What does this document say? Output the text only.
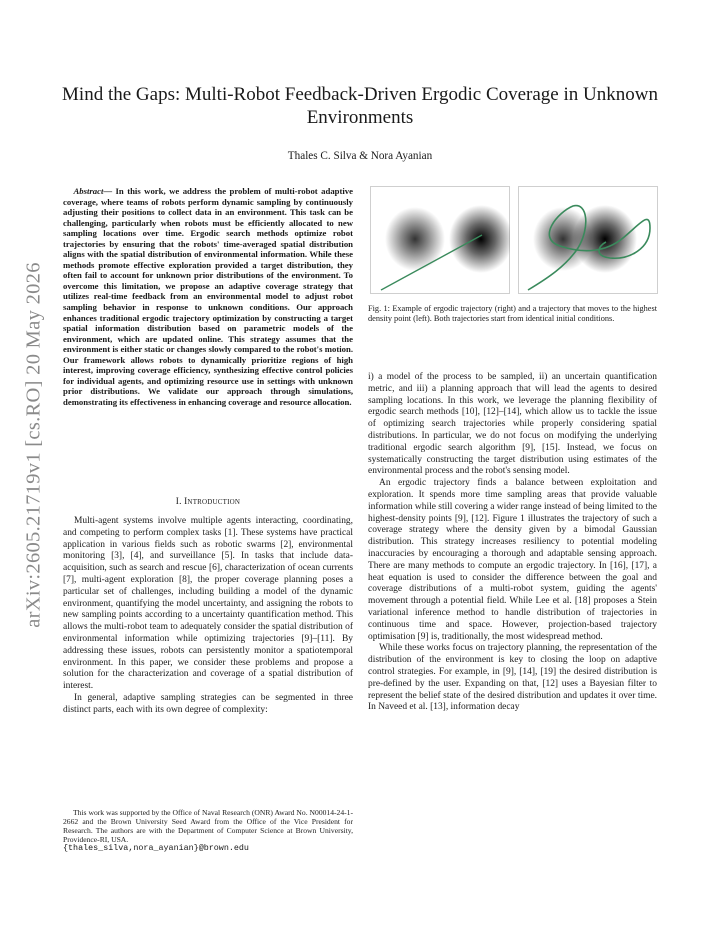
arXiv:2605.21719v1 [cs.RO] 20 May 2026
Mind the Gaps: Multi-Robot Feedback-Driven Ergodic Coverage in Unknown Environments
Thales C. Silva & Nora Ayanian

  Abstract— In this work, we address the problem of multi-robot adaptive coverage, where teams of robots perform dynamic sampling by continuously adjusting their positions to collect data in an environment. This task can be challenging, particularly when robots must be efficiently allocated to new sampling locations over time. Ergodic search methods optimize robot trajectories by ensuring that the robots' time-averaged spatial distribution aligns with the spatial distribution of environmental information. While these methods promote effective exploration provided a target distribution, they often fail to account for unknown prior distributions of the environment. To overcome this limitation, we propose an adaptive coverage strategy that utilizes real-time feedback from an environmental model to adjust robot sampling behavior in response to unknown conditions. Our approach enhances traditional ergodic trajectory optimization by constructing a target spatial information distribution based on parametric models of the environment, which are updated online. This strategy assumes that the environment is either static or changes slowly compared to the robot's motion. Our framework allows robots to dynamically prioritize regions of high interest, improving coverage efficiency, synthesizing effective control policies for individual agents, and optimizing resource use in settings with unknown prior distributions. We validate our approach through simulations, demonstrating its effectiveness in enhancing coverage and resource allocation.

I. Introduction

Multi-agent systems involve multiple agents interacting, coordinating, and competing to perform complex tasks [1]. These systems have practical application in various fields such as robotic swarms [2], environmental monitoring [3], [4], and surveillance [5]. In tasks that include data-acquisition, such as search and rescue [6], characterization of ocean currents [7], multi-agent exploration [8], the proper coverage planning poses a particular set of challenges, including building a model of the dynamic environment, quantifying the model uncertainty, and assigning the robots to new sampling points according to a uncertainty quantification method. This allows the multi-robot team to adequately consider the spatial distribution of environmental information while optimizing trajectories [9]–[11]. By addressing these issues, robots can persistently monitor a spatiotemporal environment. In this paper, we consider these problems and propose a solution for the characterization and coverage of a spatial distribution of interest.

In general, adaptive sampling strategies can be segmented in three distinct parts, each with its own degree of complexity:

This work was supported by the Office of Naval Research (ONR) Award No. N00014-24-1-2662 and the Brown University Seed Award from the Office of the Vice President for Research. The authors are with the Department of Computer Science at Brown University, Providence-RI, USA.

{thales_silva,nora_ayanian}@brown.edu
Fig. 1: Example of ergodic trajectory (right) and a trajectory that moves to the highest density point (left). Both trajectories start from identical initial conditions.

i) a model of the process to be sampled, ii) an uncertain quantification metric, and iii) a planning approach that will lead the agents to desired sampling locations. In this work, we leverage the planning flexibility of ergodic search methods [10], [12]–[14], which allow us to tackle the issue of optimizing search trajectories while properly considering spatial distributions. In particular, we do not focus on modifying the underlying traditional ergodic search algorithm [9], [15]. Instead, we focus on systematically constructing the target distribution using estimates of the environmental process and the robot's sensing model.

An ergodic trajectory finds a balance between exploitation and exploration. It spends more time sampling areas that provide valuable information while still covering a wider range instead of being limited to the highest-density points [9], [12]. Figure 1 illustrates the trajectory of such a coverage strategy where the density given by a bimodal Gaussian distribution. This strategy increases resiliency to potential modeling inaccuracies by encouraging a thorough and adaptable sensing approach. There are many methods to compute an ergodic trajectory. In [16], [17], a heat equation is used to consider the difference between the goal and coverage distributions of a multi-robot system, guiding the agents' movement through a potential field. While Lee et al. [18] proposes a Stein variational inference method to handle distribution of trajectories in continuous time and space. However, projection-based trajectory optimisation [9] is, traditionally, the most widespread method.

While these works focus on trajectory planning, the representation of the distribution of the environment is key to closing the loop on adaptive control strategies. For example, in [9], [14], [19] the desired distribution is pre-defined by the user. Expanding on that, [12] uses a Bayesian filter to represent the belief state of the desired distribution and updates it over time. In Naveed et al. [13], information decay
